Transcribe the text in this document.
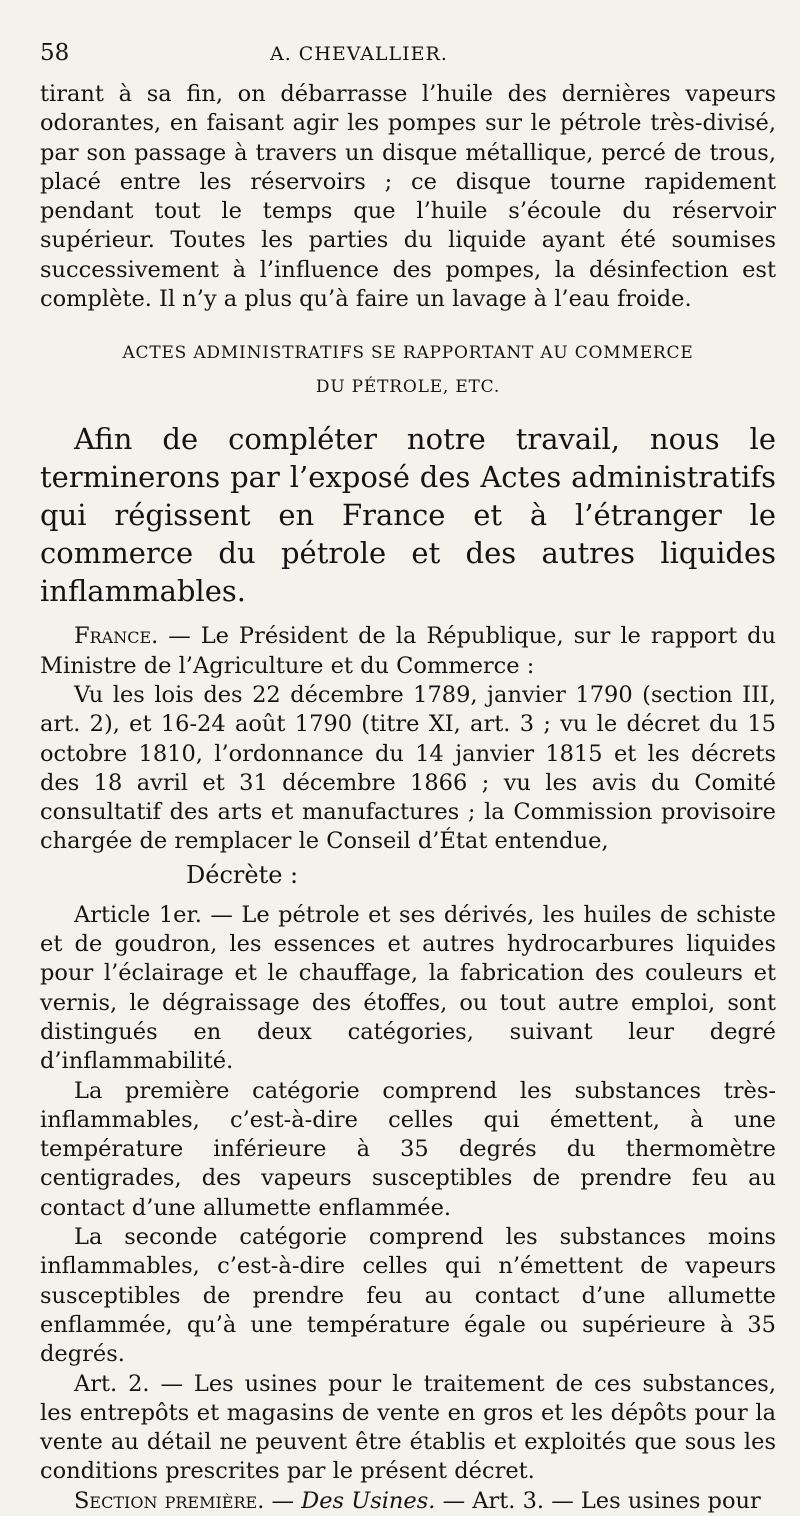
58	A. CHEVALLIER.

tirant à sa fin, on débarrasse l’huile des dernières vapeurs odorantes, en faisant agir les pompes sur le pétrole très-divisé, par son passage à travers un disque métallique, percé de trous, placé entre les réservoirs ; ce disque tourne rapidement pendant tout le temps que l’huile s’écoule du réservoir supérieur. Toutes les parties du liquide ayant été soumises successivement à l’influence des pompes, la désinfection est complète. Il n’y a plus qu’à faire un lavage à l’eau froide.

ACTES ADMINISTRATIFS SE RAPPORTANT AU COMMERCE

DU PÉTROLE, ETC.

Afin de compléter notre travail, nous le terminerons par l’exposé des Actes administratifs qui régissent en France et à l’étranger le commerce du pétrole et des autres liquides inflammables.

France. — Le Président de la République, sur le rapport du Ministre de l’Agriculture et du Commerce :

Vu les lois des 22 décembre 1789, janvier 1790 (section III, art. 2), et 16-24 août 1790 (titre XI, art. 3 ; vu le décret du 15 octobre 1810, l’ordonnance du 14 janvier 1815 et les décrets des 18 avril et 31 décembre 1866 ; vu les avis du Comité consultatif des arts et manufactures ; la Commission provisoire chargée de remplacer le Conseil d’État entendue,

Décrète :

Article 1er. — Le pétrole et ses dérivés, les huiles de schiste et de goudron, les essences et autres hydrocarbures liquides pour l’éclairage et le chauffage, la fabrication des couleurs et vernis, le dégraissage des étoffes, ou tout autre emploi, sont distingués en deux catégories, suivant leur degré d’inflammabilité.

La première catégorie comprend les substances très-inflammables, c’est-à-dire celles qui émettent, à une température inférieure à 35 degrés du thermomètre centigrades, des vapeurs susceptibles de prendre feu au contact d’une allumette enflammée.

La seconde catégorie comprend les substances moins inflammables, c’est-à-dire celles qui n’émettent de vapeurs susceptibles de prendre feu au contact d’une allumette enflammée, qu’à une température égale ou supérieure à 35 degrés.

Art. 2. — Les usines pour le traitement de ces substances, les entrepôts et magasins de vente en gros et les dépôts pour la vente au détail ne peuvent être établis et exploités que sous les conditions prescrites par le présent décret.

Section première. — Des Usines. — Art. 3. — Les usines pour
